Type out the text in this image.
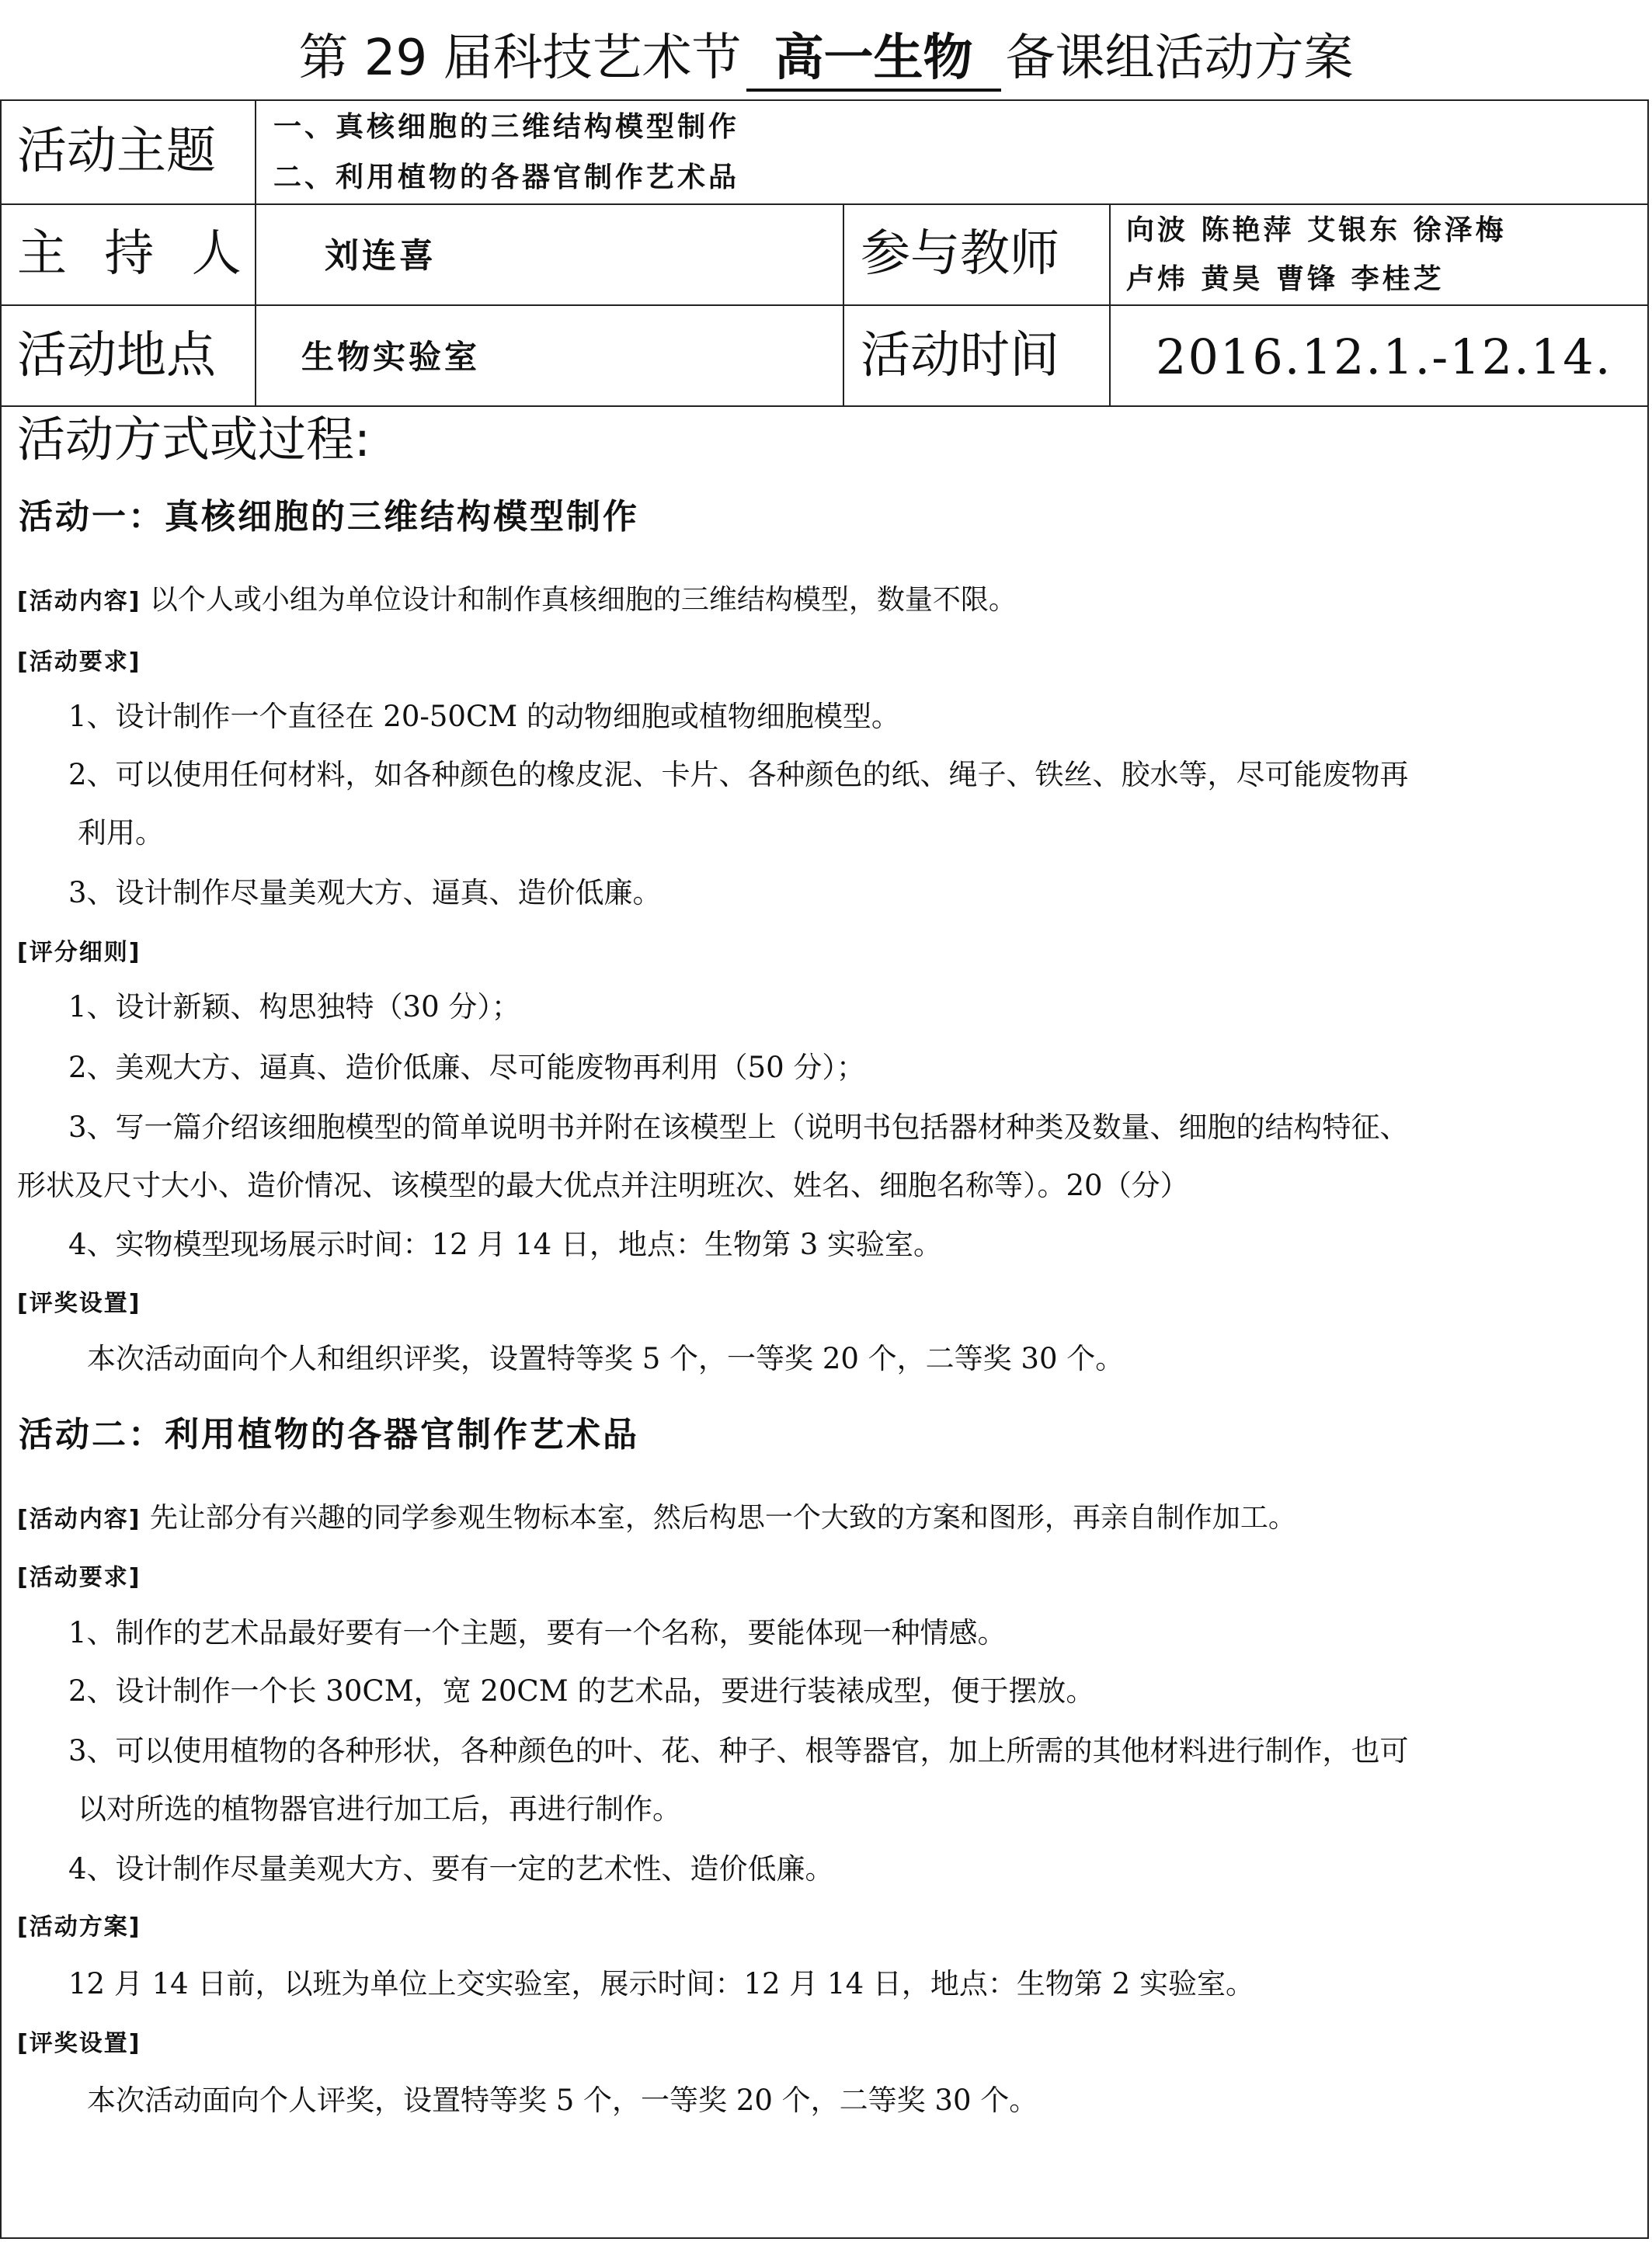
第 29 届科技艺术节 高一生物 备课组活动方案
活动主题 一、真核细胞的三维结构模型制作
二、利用植物的各器官制作艺术品
主 持 人 刘连喜	参与教师 向波 陈艳萍 艾银东 徐泽梅
卢炜 黄昊 曹锋 李桂芝
活动地点	生物实验室	活动时间 2016.12.1.-12.14.
活动方式或过程:
活动一：真核细胞的三维结构模型制作
[活动内容] 以个人或小组为单位设计和制作真核细胞的三维结构模型，数量不限。
[活动要求]
1、设计制作一个直径在 20-50CM 的动物细胞或植物细胞模型。
2、可以使用任何材料，如各种颜色的橡皮泥、卡片、各种颜色的纸、绳子、铁丝、胶水等，尽可能废物再
利用。
3、设计制作尽量美观大方、逼真、造价低廉。
[评分细则]
1、设计新颖、构思独特（30 分）；
2、美观大方、逼真、造价低廉、尽可能废物再利用（50 分）；
3、写一篇介绍该细胞模型的简单说明书并附在该模型上（说明书包括器材种类及数量、细胞的结构特征、
形状及尺寸大小、造价情况、该模型的最大优点并注明班次、姓名、细胞名称等）。20（分）
4、实物模型现场展示时间：12 月 14 日，地点：生物第 3 实验室。
[评奖设置]
本次活动面向个人和组织评奖，设置特等奖 5 个，一等奖 20 个，二等奖 30 个。
活动二：利用植物的各器官制作艺术品
[活动内容] 先让部分有兴趣的同学参观生物标本室，然后构思一个大致的方案和图形，再亲自制作加工。
[活动要求]
1、制作的艺术品最好要有一个主题，要有一个名称，要能体现一种情感。
2、设计制作一个长 30CM，宽 20CM 的艺术品，要进行装裱成型，便于摆放。
3、可以使用植物的各种形状，各种颜色的叶、花、种子、根等器官，加上所需的其他材料进行制作，也可
以对所选的植物器官进行加工后，再进行制作。
4、设计制作尽量美观大方、要有一定的艺术性、造价低廉。
[活动方案]
12 月 14 日前，以班为单位上交实验室，展示时间：12 月 14 日，地点：生物第 2 实验室。
[评奖设置]
本次活动面向个人评奖，设置特等奖 5 个，一等奖 20 个，二等奖 30 个。
